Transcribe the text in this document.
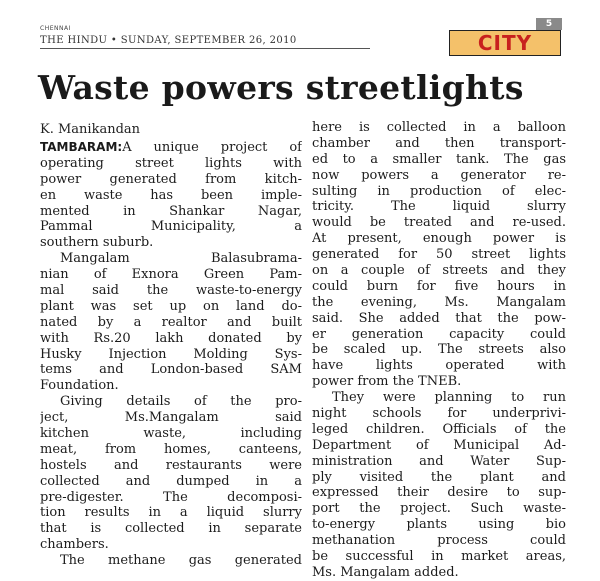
CHENNAI
THE HINDU • SUNDAY, SEPTEMBER 26, 2010
5
CITY
Waste powers streetlights
K. Manikandan
TAMBARAM:A unique project of
operating street lights with
power generated from kitch-
en waste has been imple-
mented in Shankar Nagar,
Pammal Municipality, a
southern suburb.
Mangalam Balasubrama-
nian of Exnora Green Pam-
mal said the waste-to-energy
plant was set up on land do-
nated by a realtor and built
with Rs.20 lakh donated by
Husky Injection Molding Sys-
tems and London-based SAM
Foundation.
Giving details of the pro-
ject, Ms.Mangalam said
kitchen waste, including
meat, from homes, canteens,
hostels and restaurants were
collected and dumped in a
pre-digester. The decomposi-
tion results in a liquid slurry
that is collected in separate
chambers.
The methane gas generated
here is collected in a balloon
chamber and then transport-
ed to a smaller tank. The gas
now powers a generator re-
sulting in production of elec-
tricity. The liquid slurry
would be treated and re-used.
At present, enough power is
generated for 50 street lights
on a couple of streets and they
could burn for five hours in
the evening, Ms. Mangalam
said. She added that the pow-
er generation capacity could
be scaled up. The streets also
have lights operated with
power from the TNEB.
They were planning to run
night schools for underprivi-
leged children. Officials of the
Department of Municipal Ad-
ministration and Water Sup-
ply visited the plant and
expressed their desire to sup-
port the project. Such waste-
to-energy plants using bio
methanation process could
be successful in market areas,
Ms. Mangalam added.
